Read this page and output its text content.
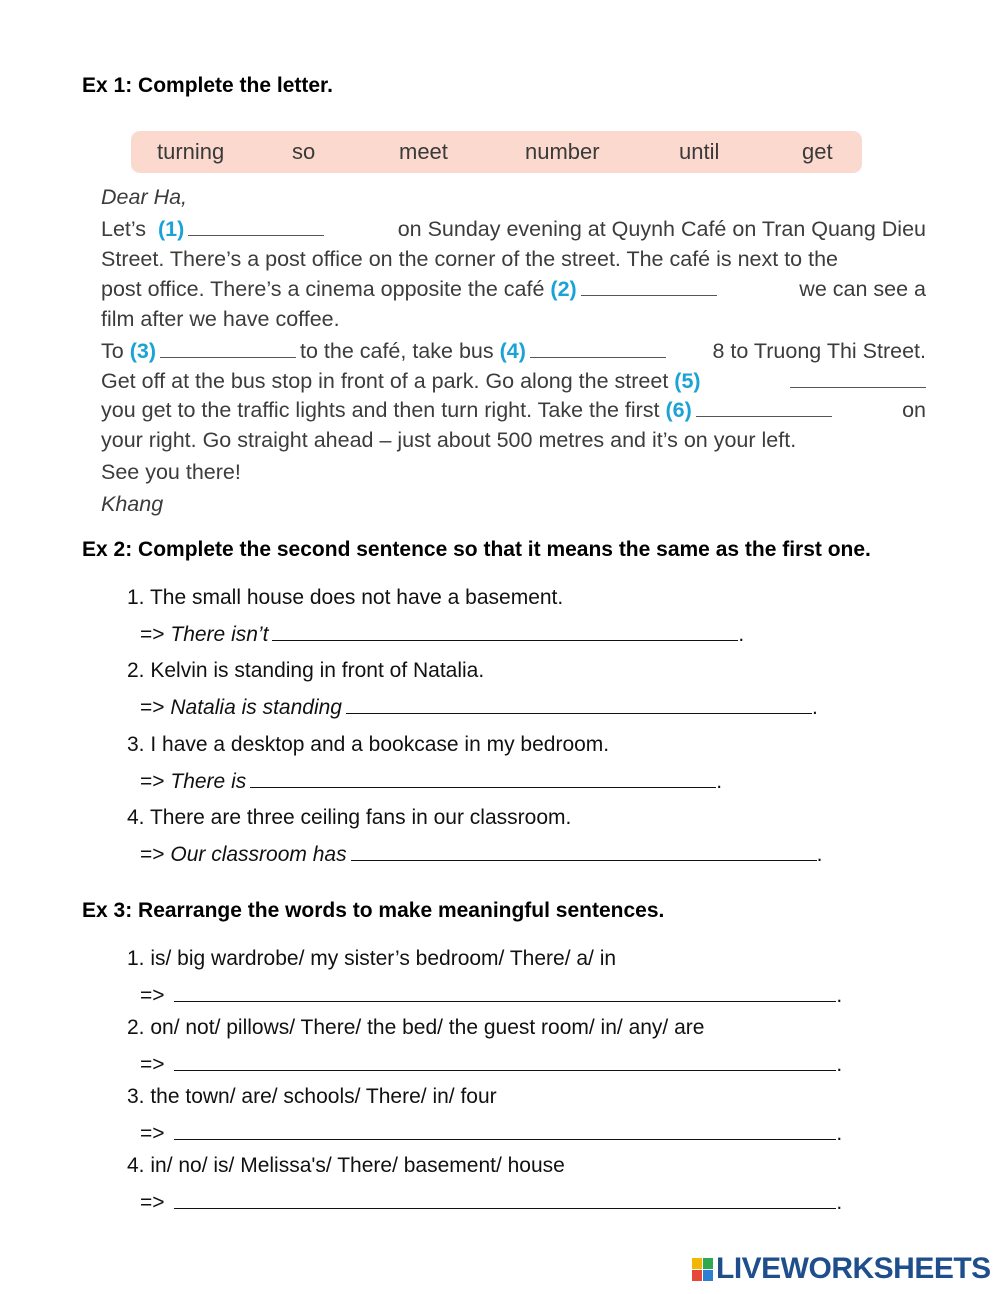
Ex 1: Complete the letter.
turning	so	meet	number	until	get
Dear Ha,
Let’s (1)	on Sunday evening at Quynh Café on Tran Quang Dieu
Street. There’s a post office on the corner of the street. The café is next to the
post office. There’s a cinema opposite the café (2)	we can see a
film after we have coffee.
To (3)	to the café, take bus (4)	8 to Truong Thi Street.
Get off at the bus stop in front of a park. Go along the street (5)
you get to the traffic lights and then turn right. Take the first (6)	on
your right. Go straight ahead – just about 500 metres and it’s on your left.
See you there!
Khang
Ex 2: Complete the second sentence so that it means the same as the first one.
1. The small house does not have a basement.
=> There isn’t	.
2. Kelvin is standing in front of Natalia.
=> Natalia is standing	.
3. I have a desktop and a bookcase in my bedroom.
=> There is	.
4. There are three ceiling fans in our classroom.
=> Our classroom has	.
Ex 3: Rearrange the words to make meaningful sentences.
1. is/ big wardrobe/ my sister’s bedroom/ There/ a/ in
=>	.
2. on/ not/ pillows/ There/ the bed/ the guest room/ in/ any/ are
=>	.
3. the town/ are/ schools/ There/ in/ four
=>	.
4. in/ no/ is/ Melissa's/ There/ basement/ house
=>	.
LIVEWORKSHEETS
